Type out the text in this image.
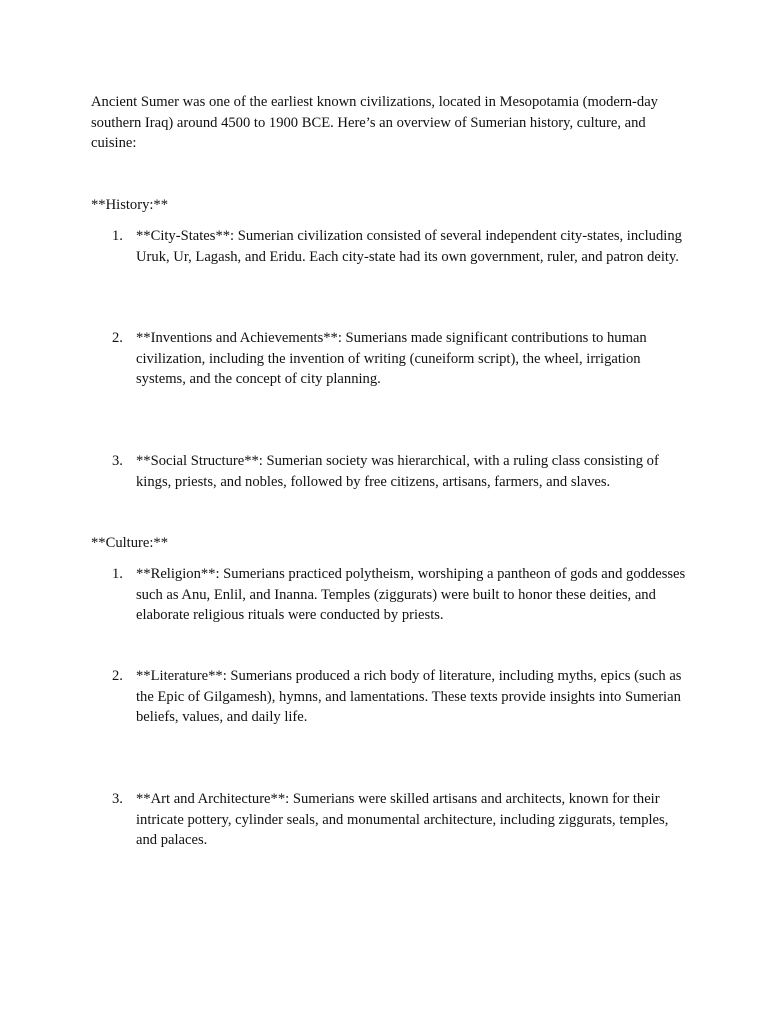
Ancient Sumer was one of the earliest known civilizations, located in Mesopotamia (modern-day southern Iraq) around 4500 to 1900 BCE. Here’s an overview of Sumerian history, culture, and cuisine:

**History:**

1. **City-States**: Sumerian civilization consisted of several independent city-states, including Uruk, Ur, Lagash, and Eridu. Each city-state had its own government, ruler, and patron deity.
2. **Inventions and Achievements**: Sumerians made significant contributions to human civilization, including the invention of writing (cuneiform script), the wheel, irrigation systems, and the concept of city planning.
3. **Social Structure**: Sumerian society was hierarchical, with a ruling class consisting of kings, priests, and nobles, followed by free citizens, artisans, farmers, and slaves.

**Culture:**

1. **Religion**: Sumerians practiced polytheism, worshiping a pantheon of gods and goddesses such as Anu, Enlil, and Inanna. Temples (ziggurats) were built to honor these deities, and elaborate religious rituals were conducted by priests.
2. **Literature**: Sumerians produced a rich body of literature, including myths, epics (such as the Epic of Gilgamesh), hymns, and lamentations. These texts provide insights into Sumerian beliefs, values, and daily life.
3. **Art and Architecture**: Sumerians were skilled artisans and architects, known for their intricate pottery, cylinder seals, and monumental architecture, including ziggurats, temples, and palaces.
